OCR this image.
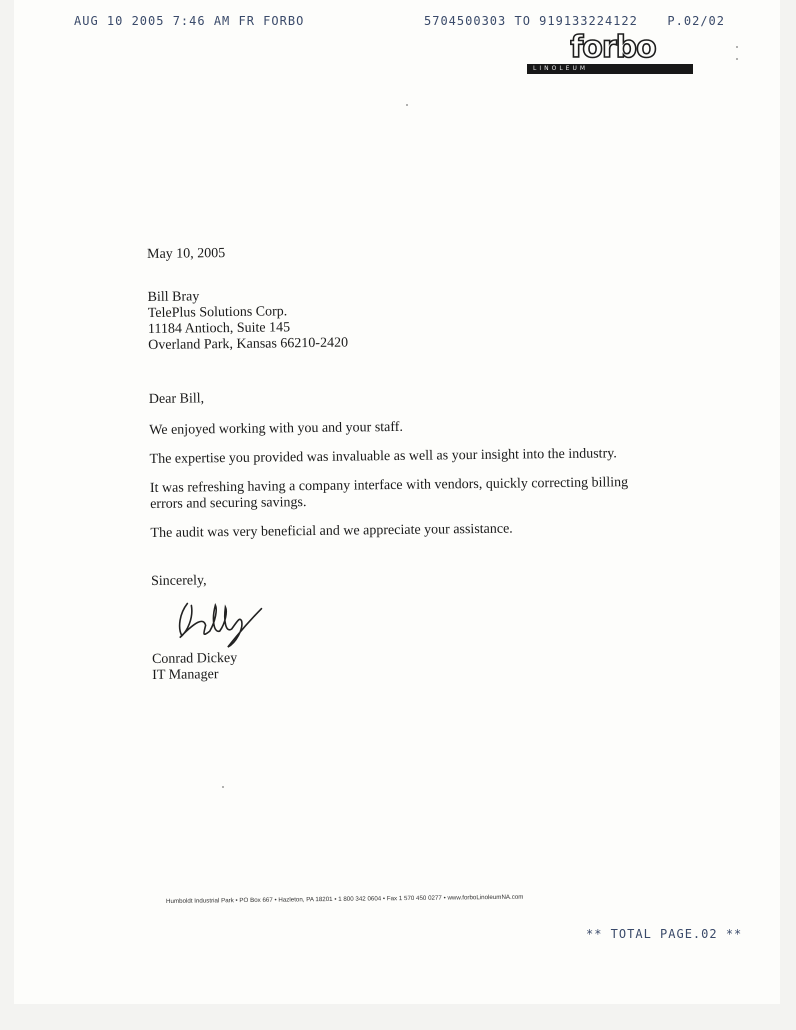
AUG 10 2005 7:46 AM FR FORBO	5704500303 TO 919133224122 P.02/02
forbo
LINOLEUM
May 10, 2005
Bill Bray
TelePlus Solutions Corp.
11184 Antioch, Suite 145
Overland Park, Kansas 66210-2420
Dear Bill,
We enjoyed working with you and your staff.
The expertise you provided was invaluable as well as your insight into the industry.
It was refreshing having a company interface with vendors, quickly correcting billing errors and securing savings.
The audit was very beneficial and we appreciate your assistance.
Sincerely,
Conrad Dickey
IT Manager
Humboldt Industrial Park • PO Box 667 • Hazleton, PA 18201 • 1 800 342 0604 • Fax 1 570 450 0277 • www.forboLinoleumNA.com
** TOTAL PAGE.02 **
